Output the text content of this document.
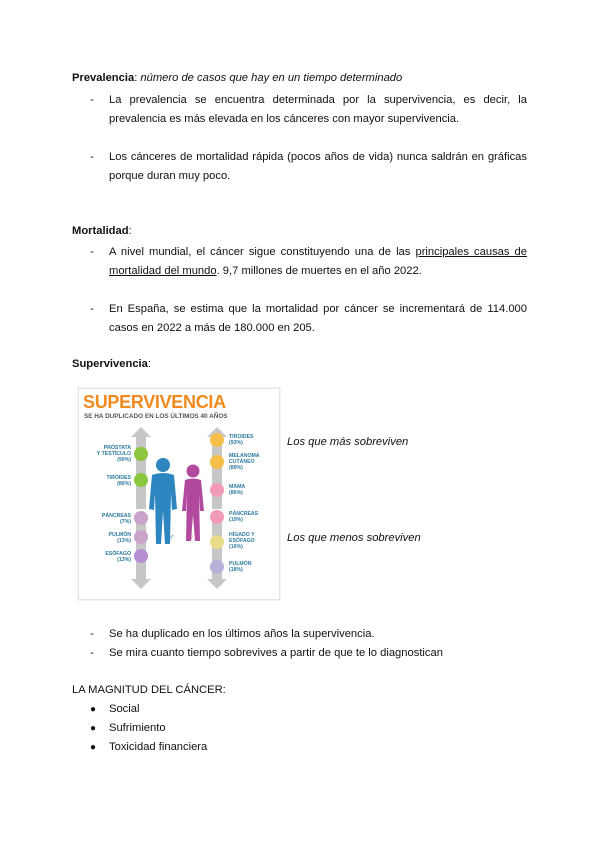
Prevalencia: número de casos que hay en un tiempo determinado
- La prevalencia se encuentra determinada por la supervivencia, es decir, la prevalencia es más elevada en los cánceres con mayor supervivencia.
- Los cánceres de mortalidad rápida (pocos años de vida) nunca saldrán en gráficas porque duran muy poco.
Mortalidad:
- A nivel mundial, el cáncer sigue constituyendo una de las principales causas de mortalidad del mundo. 9,7 millones de muertes en el año 2022.
- En España, se estima que la mortalidad por cáncer se incrementará de 114.000 casos en 2022 a más de 180.000 en 205.
Supervivencia:
SUPERVIVENCIA
SE HA DUPLICADO EN LOS ÚLTIMOS 40 AÑOS
♂ ♀
PRÓSTATA
Y TESTÍCULO
(90%)
TIROIDES
(86%)
PÁNCREAS
(7%)
PULMÓN
(13%)
ESÓFAGO
(13%)
TIROIDES
(93%)
MELANOMA
CUTÁNEO
(89%)
MAMA
(86%)
PÁNCREAS
(10%)
HÍGADO Y
ESÓFAGO
(16%)
PULMÓN
(18%)
Los que más sobreviven
Los que menos sobreviven
- Se ha duplicado en los últimos años la supervivencia.
- Se mira cuanto tiempo sobrevives a partir de que te lo diagnostican
LA MAGNITUD DEL CÁNCER:
● Social
● Sufrimiento
● Toxicidad financiera
